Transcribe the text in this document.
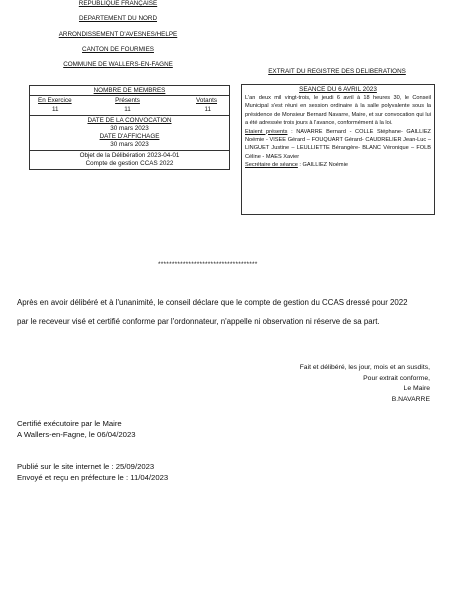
REPUBLIQUE FRANÇAISE
DEPARTEMENT DU NORD
ARRONDISSEMENT D'AVESNES/HELPE
CANTON DE FOURMIES
COMMUNE DE WALLERS-EN-FAGNE
EXTRAIT DU REGISTRE DES DELIBERATIONS
NOMBRE DE MEMBRES
En Exercice
11
Présents
11
Votants
11
DATE DE LA CONVOCATION
30 mars 2023
DATE D'AFFICHAGE
30 mars 2023
Objet de la Délibération 2023-04-01
Compte de gestion CCAS 2022
SEANCE DU 6 AVRIL 2023
L'an deux mil vingt-trois, le jeudi 6 avril à 18 heures 30, le Conseil Municipal s'est réuni en session ordinaire à la salle polyvalente sous la présidence de Monsieur Bernard Navarre, Maire, et sur convocation qui lui a été adressée trois jours à l'avance, conformément à la loi.
Etaient présents : NAVARRE Bernard - COLLE Stéphane- GAILLIEZ Noémie - VISEE Gérard – FOUQUART Gérard- CAUDRELIER Jean-Luc – LINGUET Justine – LEULLIETTE Bérangère- BLANC Véronique – FOLB Céline - MAES Xavier
Secrétaire de séance : GAILLIEZ Noémie
************************************
Après en avoir délibéré et à l'unanimité, le conseil déclare que le compte de gestion du CCAS dressé pour 2022
par le receveur visé et certifié conforme par l'ordonnateur, n'appelle ni observation ni réserve de sa part.
Fait et délibéré, les jour, mois et an susdits,
Pour extrait conforme,
Le Maire
B.NAVARRE
Certifié exécutoire par le Maire
A Wallers-en-Fagne, le 06/04/2023
Publié sur le site internet le : 25/09/2023
Envoyé et reçu en préfecture le : 11/04/2023
